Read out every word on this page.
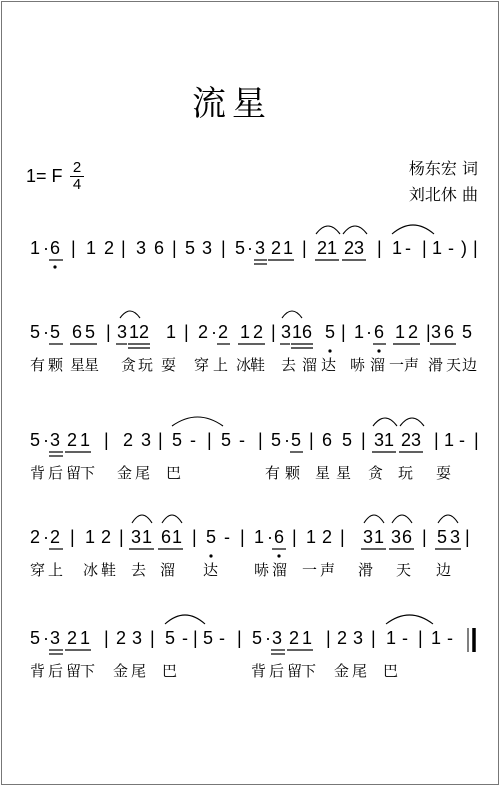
流星
1= F 2
4
杨东宏 词
刘北休 曲
1 · 6 | 1 2 | 3 6 | 5 3 | 5 · 3 2 1 | 2 1 2 3 | 1 - | 1 - ) |
5 · 5 6 5 | 3 1 2 1 | 2 · 2 1 2 | 3 1 6 5 | 1 · 6 1 2 | 3 6 5
有 颗 星
星 贪 玩 耍 穿 上 冰
鞋 去 溜 达 哧 溜 一 声 滑 天 边
5 · 3 2 1 | 2 3 | 5 - | 5 - | 5 · 5 | 6 5 | 3 1 2 3 | 1 - |
背 后 留
下 金 尾 巴	有 颗 星 星 贪 玩 耍
2 · 2 | 1 2 | 3 1 6 1 | 5 - | 1 · 6 | 1 2 | 3 1 3 6 | 5 3 |
穿 上 冰 鞋 去 溜 达 哧 溜 一 声 滑 天 边
5 · 3 2 1 | 2 3 | 5 - | 5 - | 5 · 3 2 1 | 2 3 | 1 - | 1 -
背 后 留
下 金 尾 巴	背 后 留
下 金 尾 巴
